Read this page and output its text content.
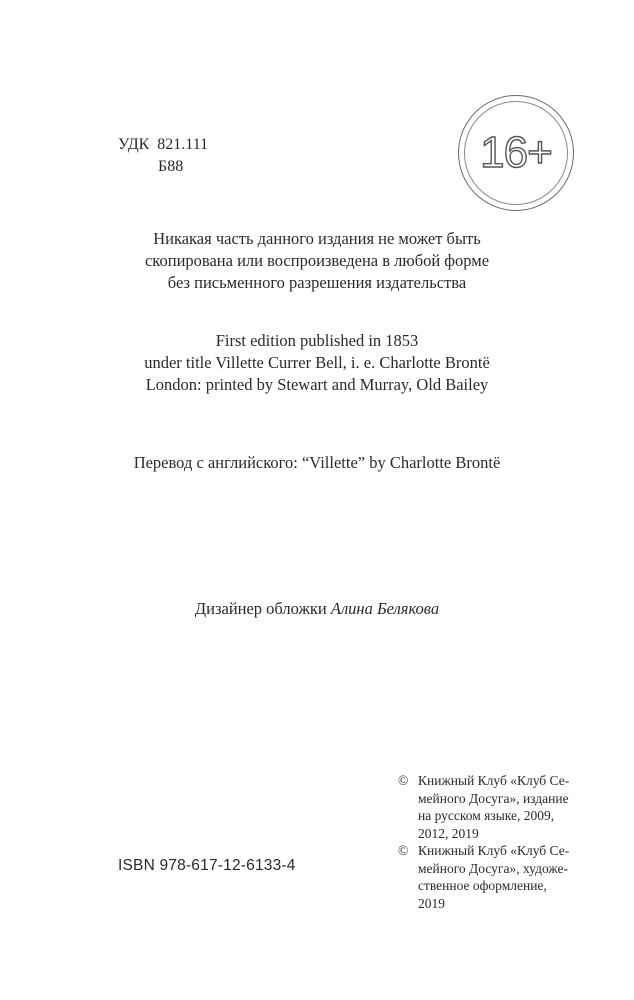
УДК 821.111
Б88	16+
Никакая часть данного издания не может быть
скопирована или воспроизведена в любой форме
без письменного разрешения издательства
First edition published in 1853
under title Villette Currer Bell, i. e. Charlotte Brontë
London: printed by Stewart and Murray, Old Bailey
Перевод с английского: “Villette” by Charlotte Brontë
Дизайнер обложки Алина Белякова
© Книжный Клуб «Клуб Се-
мейного Досуга», издание
на русском языке, 2009,
2012, 2019
© Книжный Клуб «Клуб Се-
мейного Досуга», художе-
ственное оформление, 2019
ISBN 978-617-12-6133-4
